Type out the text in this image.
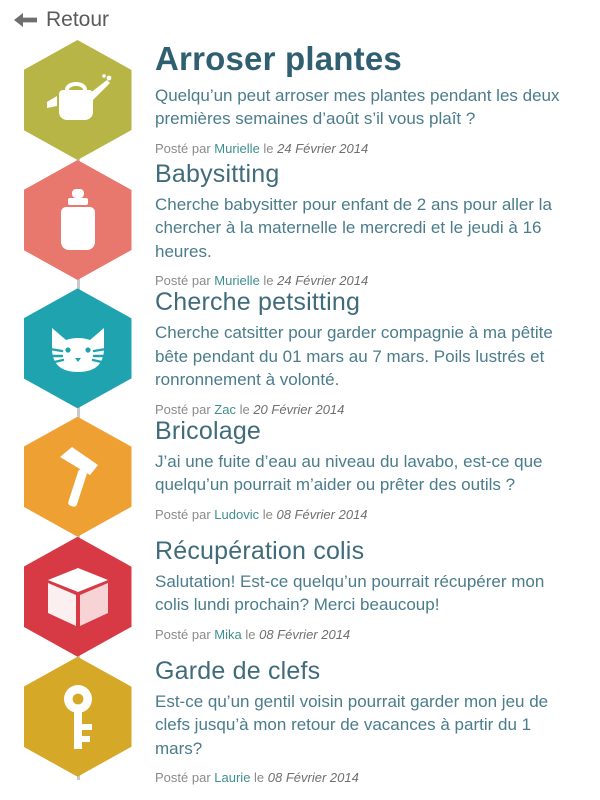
Retour
Arroser plantes

Quelqu’un peut arroser mes plantes pendant les deux premières semaines d’août s’il vous plaît ?

Posté par Murielle le 24 Février 2014
Babysitting

Cherche babysitter pour enfant de 2 ans pour aller la chercher à la maternelle le mercredi et le jeudi à 16 heures.

Posté par Murielle le 24 Février 2014
Cherche petsitting

Cherche catsitter pour garder compagnie à ma pêtite bête pendant du 01 mars au 7 mars. Poils lustrés et ronronnement à volonté.

Posté par Zac le 20 Février 2014
Bricolage

J’ai une fuite d’eau au niveau du lavabo, est-ce que quelqu’un pourrait m’aider ou prêter des outils ?

Posté par Ludovic le 08 Février 2014
Récupération colis

Salutation! Est-ce quelqu’un pourrait récupérer mon colis lundi prochain? Merci beaucoup!

Posté par Mika le 08 Février 2014
Garde de clefs

Est-ce qu’un gentil voisin pourrait garder mon jeu de clefs jusqu’à mon retour de vacances à partir du 1 mars?

Posté par Laurie le 08 Février 2014
